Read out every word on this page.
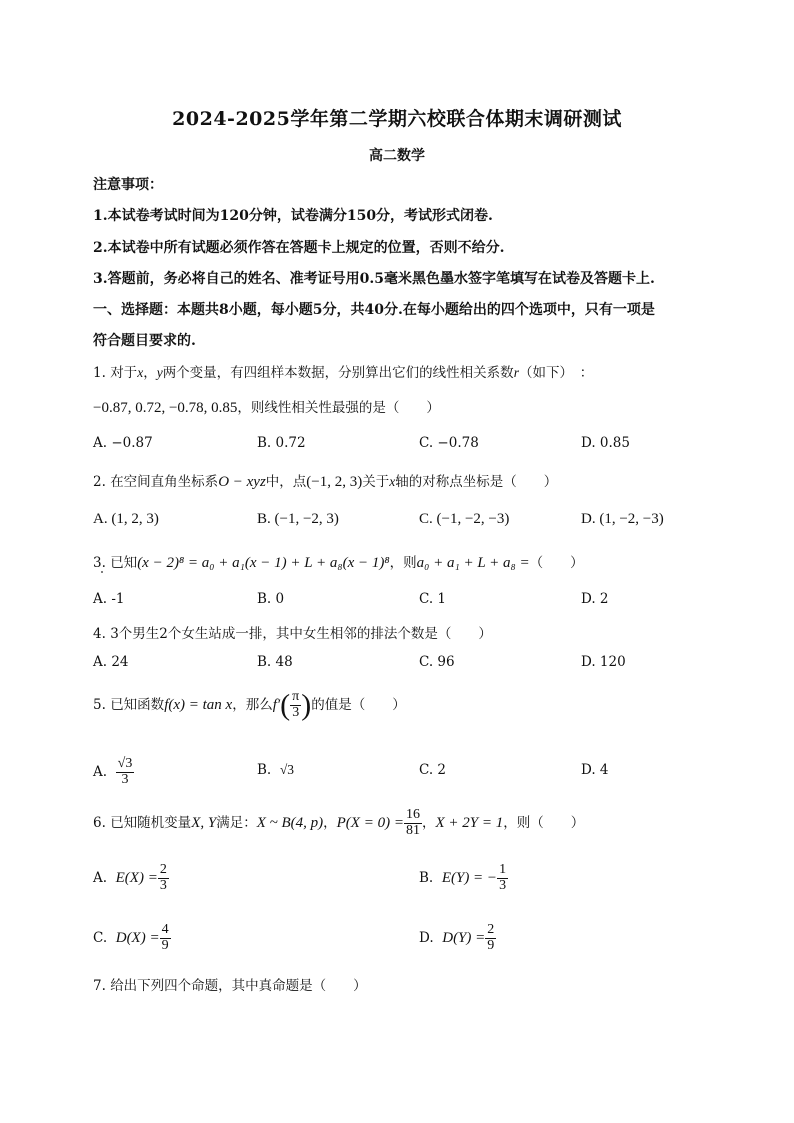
2024-2025学年第二学期六校联合体期末调研测试
高二数学
注意事项：
1.本试卷考试时间为120分钟，试卷满分150分，考试形式闭卷.
2.本试卷中所有试题必须作答在答题卡上规定的位置，否则不给分.
3.答题前，务必将自己的姓名、准考证号用0.5毫米黑色墨水签字笔填写在试卷及答题卡上.
一、选择题：本题共8小题，每小题5分，共40分.在每小题给出的四个选项中，只有一项是
符合题目要求的.
1. 对于x，y两个变量，有四组样本数据，分别算出它们的线性相关系数r（如下）　 ：
−0.87, 0.72, −0.78, 0.85，则线性相关性最强的是（　　）
A. −0.87	B. 0.72	C. −0.78	D. 0.85
2. 在空间直角坐标系O − xyz中，点(−1, 2, 3)关于x轴的对称点坐标是（　　）
A. (1, 2, 3)	B. (−1, −2, 3)	C. (−1, −2, −3)	D. (1, −2, −3)
3. 已知(x − 2)⁸ = a₀ + a₁(x − 1) + L + a₈(x − 1)⁸，则a₀ + a₁ + L + a₈ =（　　）
A. -1	B. 0	C. 1	D. 2
4. 3个男生2个女生站成一排，其中女生相邻的排法个数是（　　）
A. 24	B. 48	C. 96	D. 120
5. 已知函数f(x) = tan x，那么$f'( \frac{\pi}{3}$ )的值是（　　）
A. $\frac{√3}{3}$	B. √3	C. 2	D. 4
6. 已知随机变量X, Y满足：X ~ B(4, p)，$P(X = 0) = \frac{16}{81}$ ，X + 2Y = 1，则（　　）
A. $E(X) = \frac{2}{3}$	B. E(Y) = − $\frac{1}{3}$
C. $D(X) = \frac{4}{9}$	D. $D(Y) = \frac{2}{9}$
7. 给出下列四个命题，其中真命题是（　　）
